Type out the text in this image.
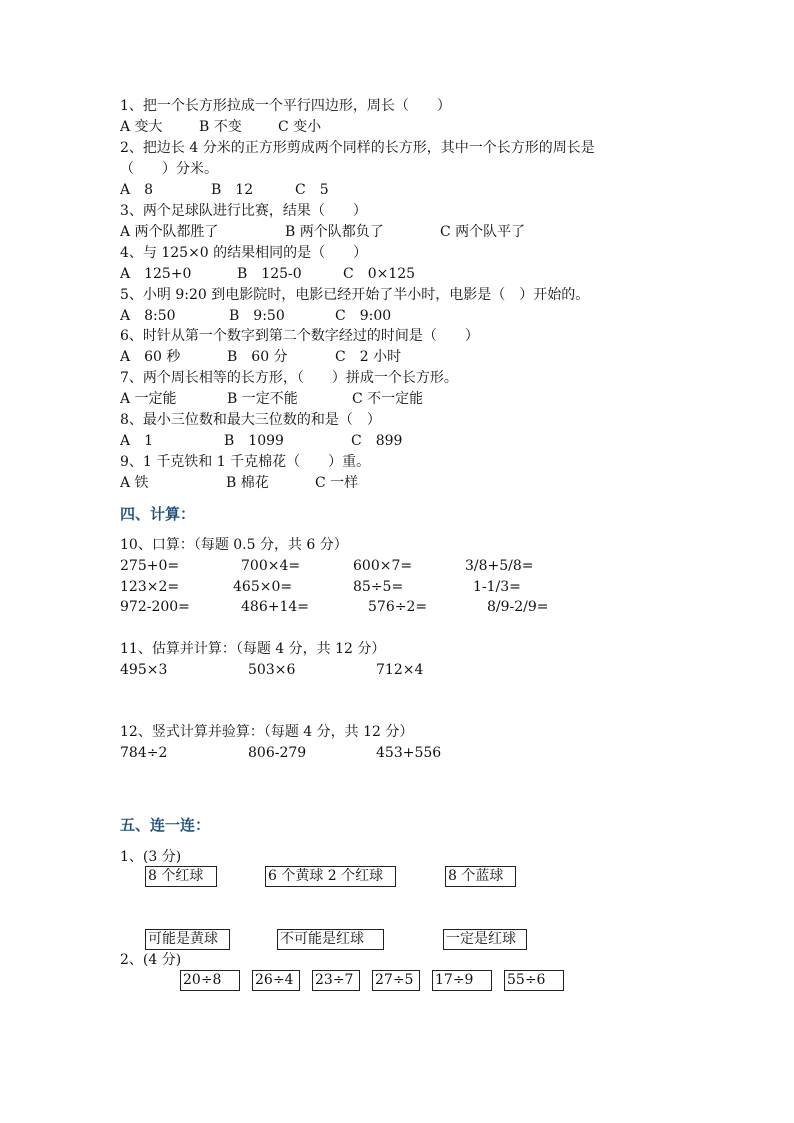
1、把一个长方形拉成一个平行四边形，周长（　　）
A 变大	B 不变	C 变小
2、把边长 4 分米的正方形剪成两个同样的长方形，其中一个长方形的周长是
（　　）分米。
A　8	B　12	C　5
3、两个足球队进行比赛，结果（　　）
A 两个队都胜了	B 两个队都负了	C 两个队平了
4、与 125×0 的结果相同的是（　　）
A　125+0	B　125-0	C　0×125
5、小明 9:20 到电影院时，电影已经开始了半小时，电影是（　）开始的。
A　8:50	B　9:50	C　9:00
6、时针从第一个数字到第二个数字经过的时间是（　　）
A　60 秒	B　60 分	C　2 小时
7、两个周长相等的长方形，（　　）拼成一个长方形。
A 一定能	B 一定不能	C 不一定能
8、最小三位数和最大三位数的和是（　）
A　1	B　1099	C　899
9、1 千克铁和 1 千克棉花（　　）重。
A 铁	B 棉花	C 一样
四、计算：
10、口算：（每题 0.5 分，共 6 分）
275+0=	700×4=	600×7=	3/8+5/8=
123×2=	465×0=	85÷5=	1-1/3=
972-200=	486+14=	576÷2=	8/9-2/9=
11、估算并计算：（每题 4 分，共 12 分）
495×3	503×6	712×4
12、竖式计算并验算：（每题 4 分，共 12 分）
784÷2	806-279	453+556
五、连一连：
1、(3 分)
8 个红球	6 个黄球 2 个红球	8 个蓝球
可能是黄球	不可能是红球	一定是红球
2、(4 分)
20÷8	26÷4	23÷7	27÷5	17÷9	55÷6
